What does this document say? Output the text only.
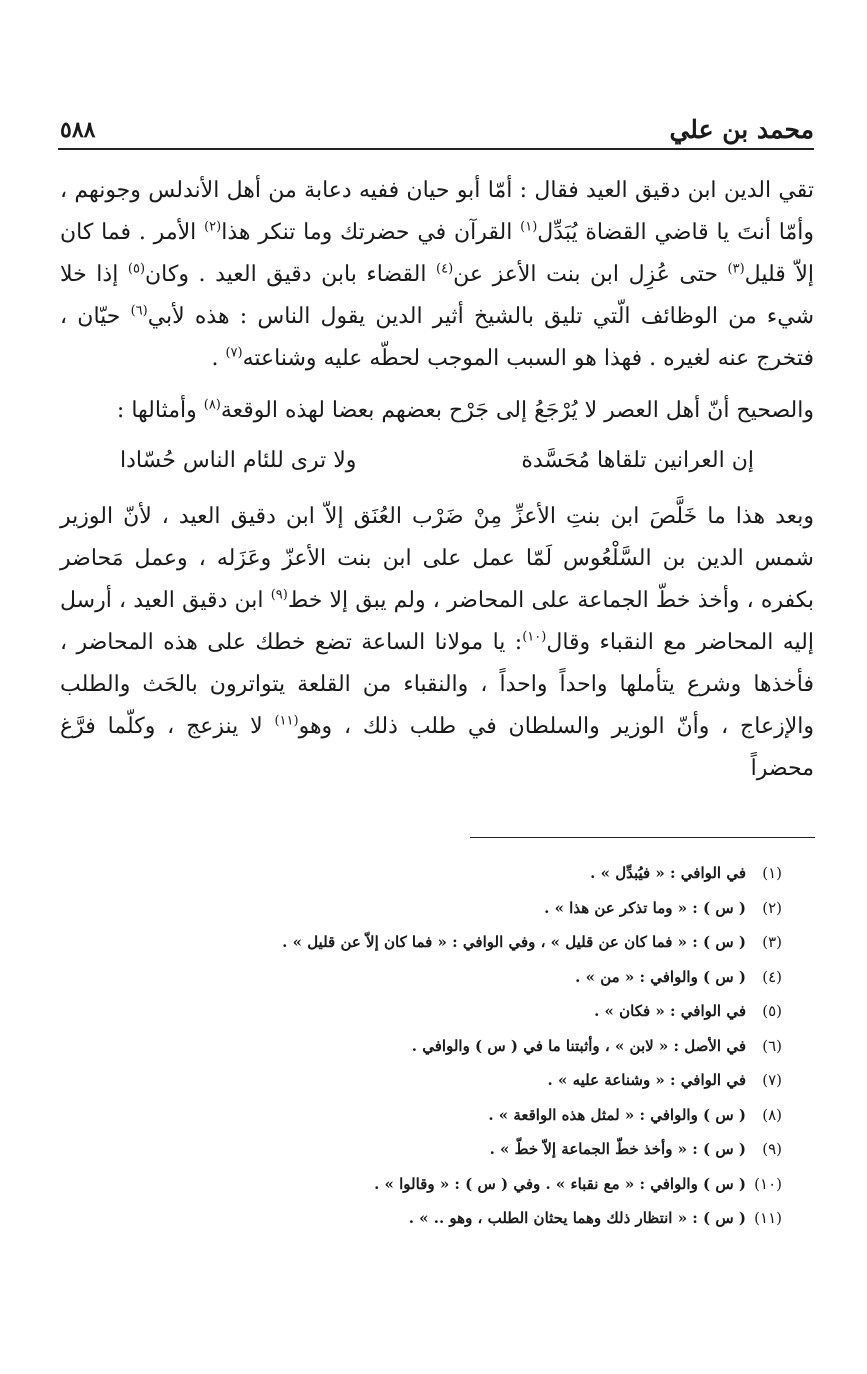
محمد بن علي
٥٨٨

تقي الدين ابن دقيق العيد فقال : أمّا أبو حيان ففيه دعابة من أهل الأندلس وجونهم ، وأمّا أنتَ يا قاضي القضاة يُبَدِّل$^{(١)}$ القرآن في حضرتك وما تنكر هذا$^{(٢)}$ الأمر . فما كان إلاّ قليل$^{(٣)}$ حتى عُزِل ابن بنت الأعز عن$^{(٤)}$ القضاء بابن دقيق العيد . وكان$^{(٥)}$ إذا خلا شيء من الوظائف الّتي تليق بالشيخ أثير الدين يقول الناس : هذه لأبي$^{(٦)}$ حيّان ، فتخرج عنه لغيره . فهذا هو السبب الموجب لحطّه عليه وشناعته$^{(٧)}$ .

والصحيح أنّ أهل العصر لا يُرْجَعُ إلى جَرْح بعضهم بعضا لهذه الوقعة$^{(٨)}$ وأمثالها :

إن العرانين تلقاها مُحَسَّدة
ولا ترى للئام الناس حُسّادا

وبعد هذا ما خَلَّصَ ابن بنتِ الأعزِّ مِنْ ضَرْب العُنَق إلاّ ابن دقيق العيد ، لأنّ الوزير شمس الدين بن السَّلْعُوس لَمّا عمل على ابن بنت الأعزّ وعَزَله ، وعمل مَحاضر بكفره ، وأخذ خطّ الجماعة على المحاضر ، ولم يبق إلا خط$^{(٩)}$ ابن دقيق العيد ، أرسل إليه المحاضر مع النقباء وقال$^{(١٠)}$: يا مولانا الساعة تضع خطك على هذه المحاضر ، فأخذها وشرع يتأملها واحداً واحداً ، والنقباء من القلعة يتواترون بالحَث والطلب والإزعاج ، وأنّ الوزير والسلطان في طلب ذلك ، وهو$^{(١١)}$ لا ينزعج ، وكلّما فرَّغ محضراً

(١)
في الوافي : « فيُبدِّل » .
(٢)
( س ) : « وما تذكر عن هذا » .
(٣)
( س ) : « فما كان عن قليل » ، وفي الوافي : « فما كان إلاّ عن قليل » .
(٤)
( س ) والوافي : « من » .
(٥)
في الوافي : « فكان » .
(٦)
في الأصل : « لابن » ، وأثبتنا ما في ( س ) والوافي .
(٧)
في الوافي : « وشناعة عليه » .
(٨)
( س ) والوافي : « لمثل هذه الواقعة » .
(٩)
( س ) : « وأخذ خطّ الجماعة إلاّ خطّ » .
(١٠)
( س ) والوافي : « مع نقباء » . وفي ( س ) : « وقالوا » .
(١١)
( س ) : « انتظار ذلك وهما يحثان الطلب ، وهو .. » .
